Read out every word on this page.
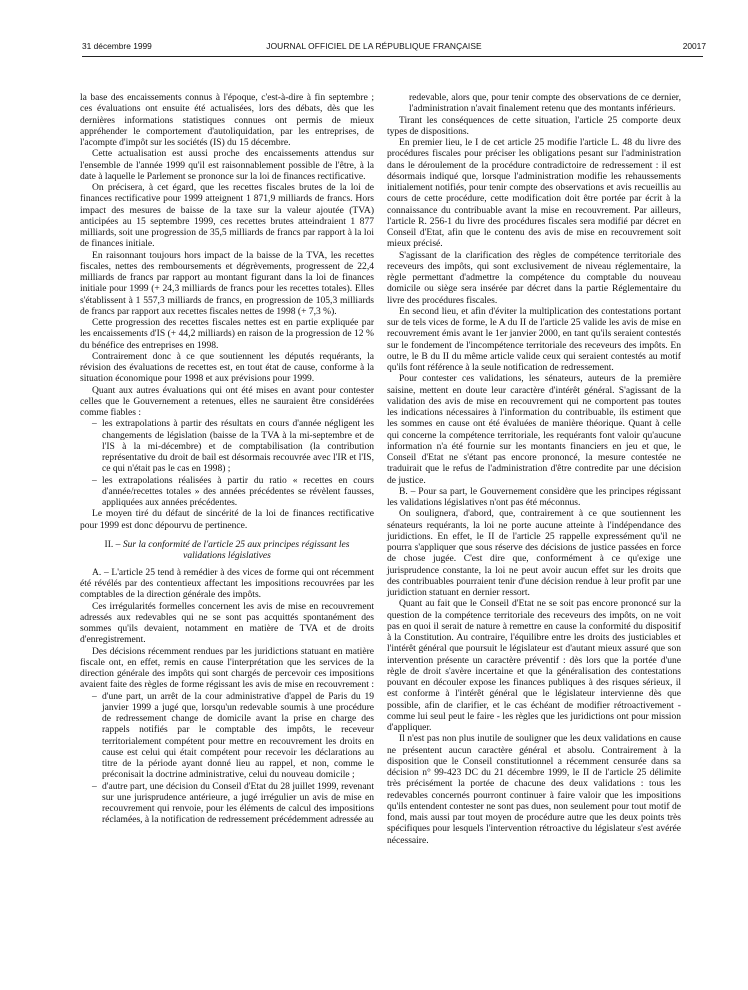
31 décembre 1999	JOURNAL OFFICIEL DE LA RÉPUBLIQUE FRANÇAISE	20017

la base des encaissements connus à l'époque, c'est-à-dire à fin septembre ; ces évaluations ont ensuite été actualisées, lors des débats, dès que les dernières informations statistiques connues ont permis de mieux appréhender le comportement d'autoliquidation, par les entreprises, de l'acompte d'impôt sur les sociétés (IS) du 15 décembre.

Cette actualisation est aussi proche des encaissements attendus sur l'ensemble de l'année 1999 qu'il est raisonnablement possible de l'être, à la date à laquelle le Parlement se prononce sur la loi de finances rectificative.

On précisera, à cet égard, que les recettes fiscales brutes de la loi de finances rectificative pour 1999 atteignent 1 871,9 milliards de francs. Hors impact des mesures de baisse de la taxe sur la valeur ajoutée (TVA) anticipées au 15 septembre 1999, ces recettes brutes atteindraient 1 877 milliards, soit une progression de 35,5 milliards de francs par rapport à la loi de finances initiale.

En raisonnant toujours hors impact de la baisse de la TVA, les recettes fiscales, nettes des remboursements et dégrèvements, progressent de 22,4 milliards de francs par rapport au montant figurant dans la loi de finances initiale pour 1999 (+ 24,3 milliards de francs pour les recettes totales). Elles s'établissent à 1 557,3 milliards de francs, en progression de 105,3 milliards de francs par rapport aux recettes fiscales nettes de 1998 (+ 7,3 %).

Cette progression des recettes fiscales nettes est en partie expliquée par les encaissements d'IS (+ 44,2 milliards) en raison de la progression de 12 % du bénéfice des entreprises en 1998.

Contrairement donc à ce que soutiennent les députés requérants, la révision des évaluations de recettes est, en tout état de cause, conforme à la situation économique pour 1998 et aux prévisions pour 1999.

Quant aux autres évaluations qui ont été mises en avant pour contester celles que le Gouvernement a retenues, elles ne sauraient être considérées comme fiables :

– les extrapolations à partir des résultats en cours d'année négligent les changements de législation (baisse de la TVA à la mi-septembre et de l'IS à la mi-décembre) et de comptabilisation (la contribution représentative du droit de bail est désormais recouvrée avec l'IR et l'IS, ce qui n'était pas le cas en 1998) ;
– les extrapolations réalisées à partir du ratio « recettes en cours d'année/recettes totales » des années précédentes se révèlent fausses, appliquées aux années précédentes.

Le moyen tiré du défaut de sincérité de la loi de finances rectificative pour 1999 est donc dépourvu de pertinence.

II. – Sur la conformité de l'article 25 aux principes régissant les validations législatives

A. – L'article 25 tend à remédier à des vices de forme qui ont récemment été révélés par des contentieux affectant les impositions recouvrées par les comptables de la direction générale des impôts.

Ces irrégularités formelles concernent les avis de mise en recouvrement adressés aux redevables qui ne se sont pas acquittés spontanément des sommes qu'ils devaient, notamment en matière de TVA et de droits d'enregistrement.

Des décisions récemment rendues par les juridictions statuant en matière fiscale ont, en effet, remis en cause l'interprétation que les services de la direction générale des impôts qui sont chargés de percevoir ces impositions avaient faite des règles de forme régissant les avis de mise en recouvrement :

– d'une part, un arrêt de la cour administrative d'appel de Paris du 19 janvier 1999 a jugé que, lorsqu'un redevable soumis à une procédure de redressement change de domicile avant la prise en charge des rappels notifiés par le comptable des impôts, le receveur territorialement compétent pour mettre en recouvrement les droits en cause est celui qui était compétent pour recevoir les déclarations au titre de la période ayant donné lieu au rappel, et non, comme le préconisait la doctrine administrative, celui du nouveau domicile ;
– d'autre part, une décision du Conseil d'Etat du 28 juillet 1999, revenant sur une jurisprudence antérieure, a jugé irrégulier un avis de mise en recouvrement qui renvoie, pour les éléments de calcul des impositions réclamées, à la notification de redressement précédemment adressée au
redevable, alors que, pour tenir compte des observations de ce dernier, l'administration n'avait finalement retenu que des montants inférieurs.

Tirant les conséquences de cette situation, l'article 25 comporte deux types de dispositions.

En premier lieu, le I de cet article 25 modifie l'article L. 48 du livre des procédures fiscales pour préciser les obligations pesant sur l'administration dans le déroulement de la procédure contradictoire de redressement : il est désormais indiqué que, lorsque l'administration modifie les rehaussements initialement notifiés, pour tenir compte des observations et avis recueillis au cours de cette procédure, cette modification doit être portée par écrit à la connaissance du contribuable avant la mise en recouvrement. Par ailleurs, l'article R. 256-1 du livre des procédures fiscales sera modifié par décret en Conseil d'Etat, afin que le contenu des avis de mise en recouvrement soit mieux précisé.

S'agissant de la clarification des règles de compétence territoriale des receveurs des impôts, qui sont exclusivement de niveau réglementaire, la règle permettant d'admettre la compétence du comptable du nouveau domicile ou siège sera insérée par décret dans la partie Réglementaire du livre des procédures fiscales.

En second lieu, et afin d'éviter la multiplication des contestations portant sur de tels vices de forme, le A du II de l'article 25 valide les avis de mise en recouvrement émis avant le 1er janvier 2000, en tant qu'ils seraient contestés sur le fondement de l'incompétence territoriale des receveurs des impôts. En outre, le B du II du même article valide ceux qui seraient contestés au motif qu'ils font référence à la seule notification de redressement.

Pour contester ces validations, les sénateurs, auteurs de la première saisine, mettent en doute leur caractère d'intérêt général. S'agissant de la validation des avis de mise en recouvrement qui ne comportent pas toutes les indications nécessaires à l'information du contribuable, ils estiment que les sommes en cause ont été évaluées de manière théorique. Quant à celle qui concerne la compétence territoriale, les requérants font valoir qu'aucune information n'a été fournie sur les montants financiers en jeu et que, le Conseil d'Etat ne s'étant pas encore prononcé, la mesure contestée ne traduirait que le refus de l'administration d'être contredite par une décision de justice.

B. – Pour sa part, le Gouvernement considère que les principes régissant les validations législatives n'ont pas été méconnus.

On soulignera, d'abord, que, contrairement à ce que soutiennent les sénateurs requérants, la loi ne porte aucune atteinte à l'indépendance des juridictions. En effet, le II de l'article 25 rappelle expressément qu'il ne pourra s'appliquer que sous réserve des décisions de justice passées en force de chose jugée. C'est dire que, conformément à ce qu'exige une jurisprudence constante, la loi ne peut avoir aucun effet sur les droits que des contribuables pourraient tenir d'une décision rendue à leur profit par une juridiction statuant en dernier ressort.

Quant au fait que le Conseil d'Etat ne se soit pas encore prononcé sur la question de la compétence territoriale des receveurs des impôts, on ne voit pas en quoi il serait de nature à remettre en cause la conformité du dispositif à la Constitution. Au contraire, l'équilibre entre les droits des justiciables et l'intérêt général que poursuit le législateur est d'autant mieux assuré que son intervention présente un caractère préventif : dès lors que la portée d'une règle de droit s'avère incertaine et que la généralisation des contestations pouvant en découler expose les finances publiques à des risques sérieux, il est conforme à l'intérêt général que le législateur intervienne dès que possible, afin de clarifier, et le cas échéant de modifier rétroactivement - comme lui seul peut le faire - les règles que les juridictions ont pour mission d'appliquer.

Il n'est pas non plus inutile de souligner que les deux validations en cause ne présentent aucun caractère général et absolu. Contrairement à la disposition que le Conseil constitutionnel a récemment censurée dans sa décision n° 99-423 DC du 21 décembre 1999, le II de l'article 25 délimite très précisément la portée de chacune des deux validations : tous les redevables concernés pourront continuer à faire valoir que les impositions qu'ils entendent contester ne sont pas dues, non seulement pour tout motif de fond, mais aussi par tout moyen de procédure autre que les deux points très spécifiques pour lesquels l'intervention rétroactive du législateur s'est avérée nécessaire.
